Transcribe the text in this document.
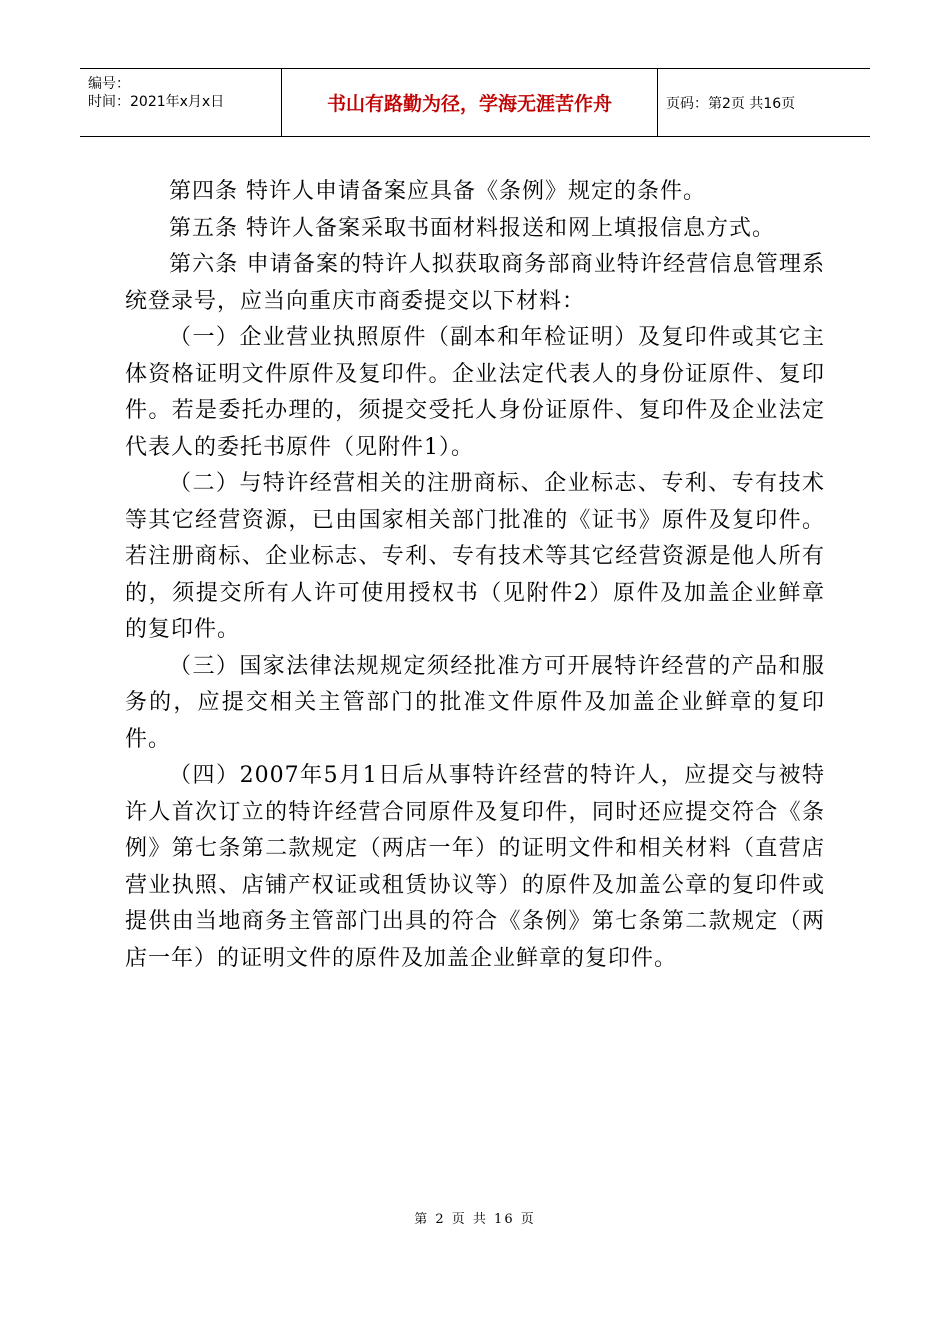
编号：
时间：2021年x月x日	书山有路勤为径，学海无涯苦作舟	页码：第2页 共16页

第四条 特许人申请备案应具备《条例》规定的条件。

第五条 特许人备案采取书面材料报送和网上填报信息方式。

第六条 申请备案的特许人拟获取商务部商业特许经营信息管理系统登录号，应当向重庆市商委提交以下材料：

（一）企业营业执照原件（副本和年检证明）及复印件或其它主体资格证明文件原件及复印件。企业法定代表人的身份证原件、复印件。若是委托办理的，须提交受托人身份证原件、复印件及企业法定代表人的委托书原件（见附件1）。

（二）与特许经营相关的注册商标、企业标志、专利、专有技术等其它经营资源，已由国家相关部门批准的《证书》原件及复印件。若注册商标、企业标志、专利、专有技术等其它经营资源是他人所有的，须提交所有人许可使用授权书（见附件2）原件及加盖企业鲜章的复印件。

（三）国家法律法规规定须经批准方可开展特许经营的产品和服务的，应提交相关主管部门的批准文件原件及加盖企业鲜章的复印件。

（四）2007年5月1日后从事特许经营的特许人，应提交与被特许人首次订立的特许经营合同原件及复印件，同时还应提交符合《条例》第七条第二款规定（两店一年）的证明文件和相关材料（直营店营业执照、店铺产权证或租赁协议等）的原件及加盖公章的复印件或提供由当地商务主管部门出具的符合《条例》第七条第二款规定（两店一年）的证明文件的原件及加盖企业鲜章的复印件。

第 2 页 共 16 页
